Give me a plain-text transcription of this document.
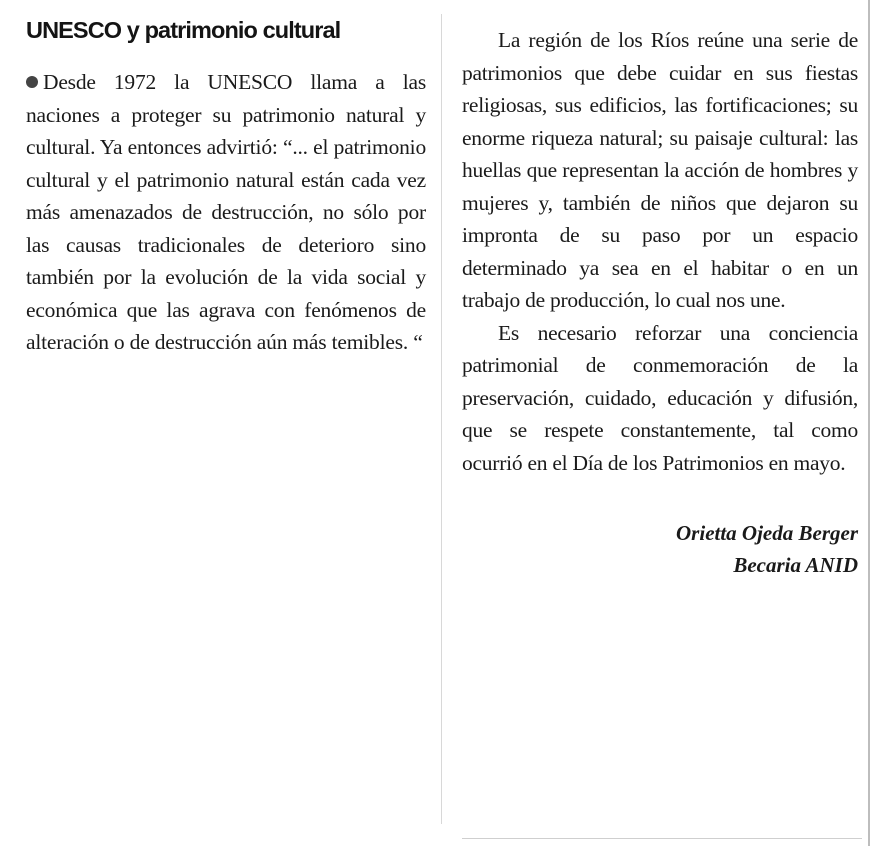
UNESCO y patrimonio cultural

Desde 1972 la UNESCO llama a las naciones a proteger su patrimonio natural y cultural. Ya entonces advirtió: “... el patrimonio cultural y el patrimonio natural están cada vez más amenazados de destrucción, no sólo por las causas tradicionales de deterioro sino también por la evolución de la vida social y económica que las agrava con fenómenos de alteración o de destrucción aún más temibles. “

La región de los Ríos reúne una serie de patrimonios que debe cuidar en sus fiestas religiosas, sus edificios, las fortificaciones; su enorme riqueza natural; su paisaje cultural: las huellas que representan la acción de hombres y mujeres y, también de niños que dejaron su impronta de su paso por un espacio determinado ya sea en el habitar o en un trabajo de producción, lo cual nos une.

Es necesario reforzar una conciencia patrimonial de conmemoración de la preservación, cuidado, educación y difusión, que se respete constantemente, tal como ocurrió en el Día de los Patrimonios en mayo.

Orietta Ojeda Berger
Becaria ANID
